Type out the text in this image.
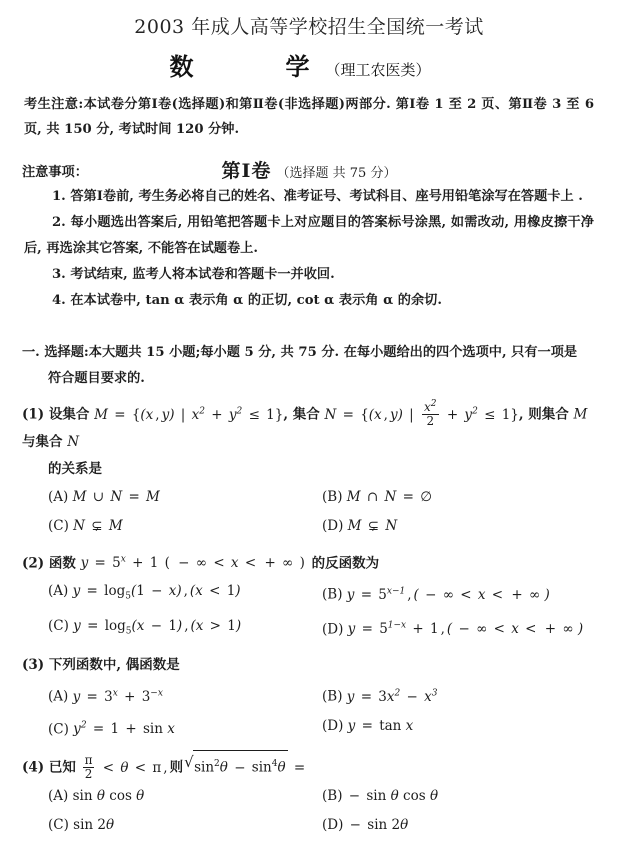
2003 年成人高等学校招生全国统一考试
数　学（理工农医类）
考生注意:本试卷分第Ⅰ卷(选择题)和第Ⅱ卷(非选择题)两部分. 第Ⅰ卷 1 至 2 页、第Ⅱ卷 3 至 6 页, 共 150 分, 考试时间 120 分钟.
第Ⅰ卷 （选择题 共 75 分）
注意事项：

1. 答第Ⅰ卷前, 考生务必将自己的姓名、准考证号、考试科目、座号用铅笔涂写在答题卡上 .

2. 每小题选出答案后, 用铅笔把答题卡上对应题目的答案标号涂黑, 如需改动, 用橡皮擦干净后, 再选涂其它答案, 不能答在试题卷上.

3. 考试结束, 监考人将本试卷和答题卡一并收回.

4. 在本试卷中, tan α 表示角 α 的正切, cot α 表示角 α 的余切.

一. 选择题:本大题共 15 小题;每小题 5 分, 共 75 分. 在每小题给出的四个选项中, 只有一项是
符合题目要求的.
(1) 设集合 M = {(x , y) | $x^2 + y^2 \le 1$}, 集合 N = {(x , y) | $\frac{x^2}{2} + y^2 \le 1$}, 则集合 M 与集合 N
的关系是
(A) M ∪ N = M	(B) M ∩ N = ∅
(C) N ⊊ M	(D) M ⊊ N
(2) 函数 $y = 5^x + 1$ ( − ∞ < x < + ∞ ) 的反函数为
(A) $y = \log_5(1 - x)$ , (x < 1)	(B) $y = 5^{x-1}$ , ( − ∞ < x < + ∞ )
(C) $y = \log_5(x - 1)$ , (x > 1)	(D) $y = 5^{1-x} + 1$ , ( − ∞ < x < + ∞ )
(3) 下列函数中, 偶函数是
(A) $y = 3^x + 3^{-x}$	(B) $y = 3x^2 - x^3$
(C) $y^2 = 1 + \sin x$	(D) y = tan x
(4) 已知 $\frac{\pi}{2} < \theta < \pi$ , 则 √ $\sin^2\theta - \sin^4\theta$ =
(A) sin θ cos θ	(B) − sin θ cos θ
(C) sin 2θ	(D) − sin 2θ
